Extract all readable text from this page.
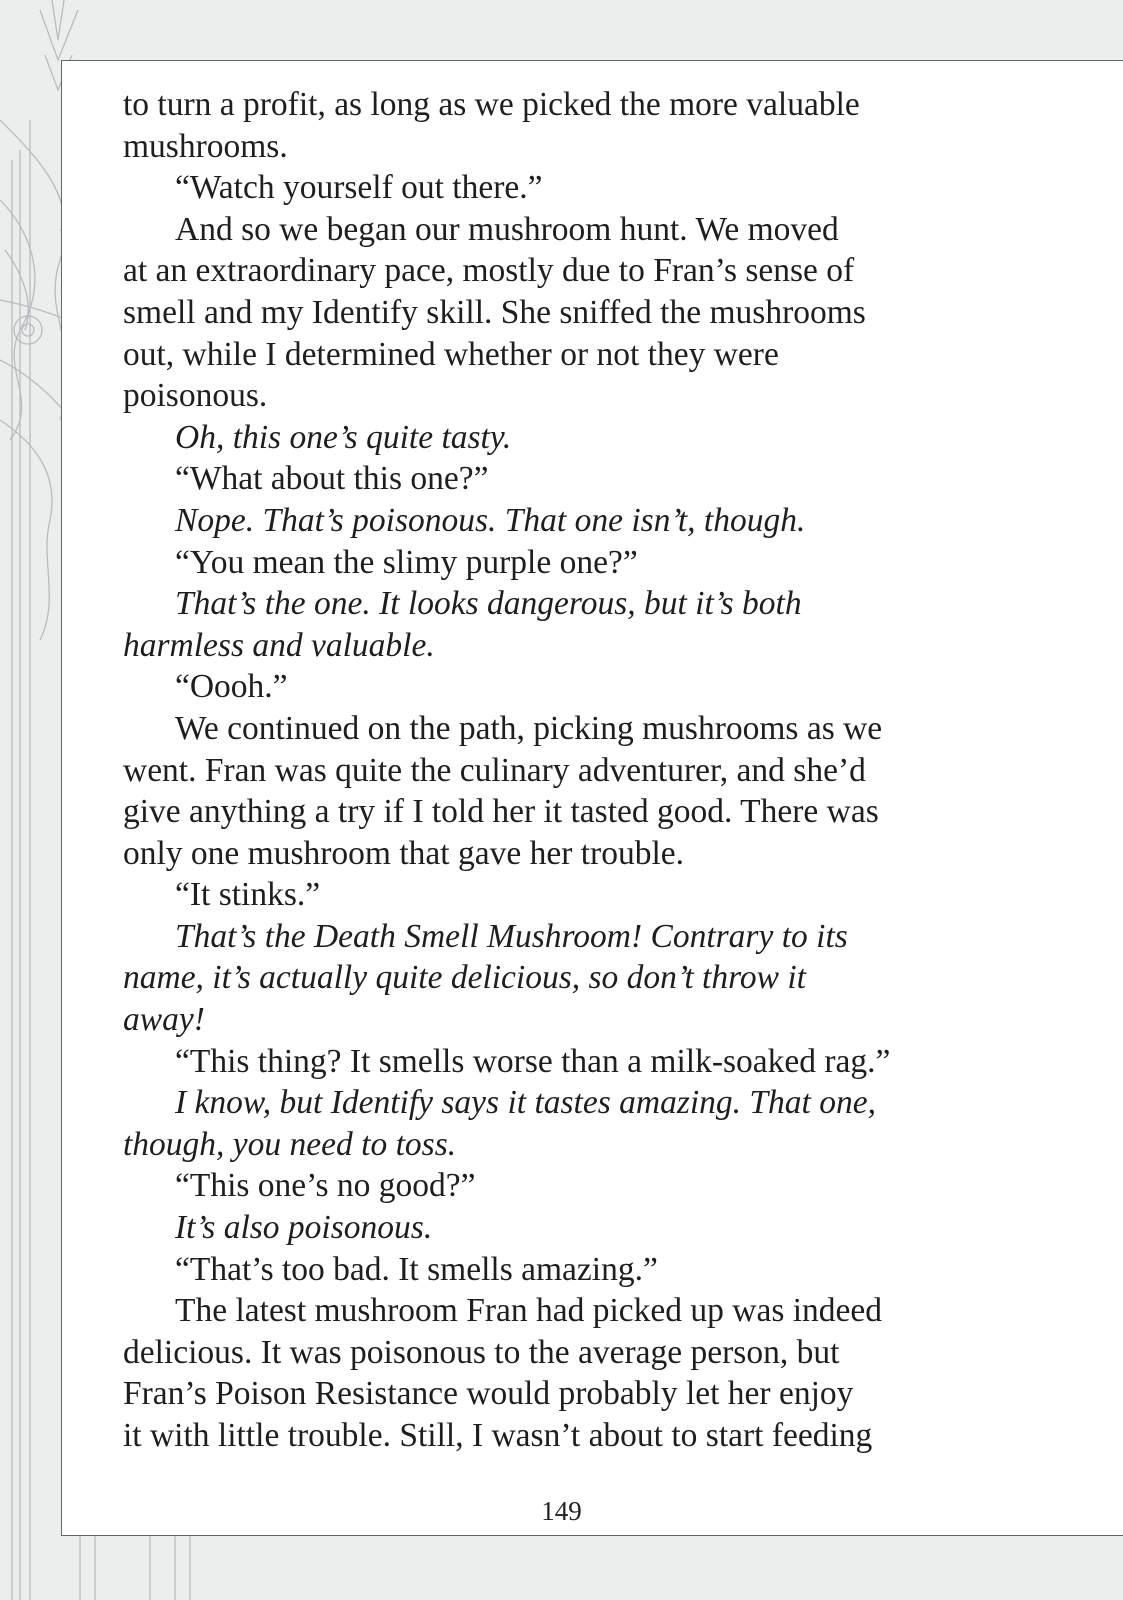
to turn a profit, as long as we picked the more valuable
mushrooms.
“Watch yourself out there.”
And so we began our mushroom hunt. We moved
at an extraordinary pace, mostly due to Fran’s sense of
smell and my Identify skill. She sniffed the mushrooms
out, while I determined whether or not they were
poisonous.
Oh, this one’s quite tasty.
“What about this one?”
Nope. That’s poisonous. That one isn’t, though.
“You mean the slimy purple one?”
That’s the one. It looks dangerous, but it’s both
harmless and valuable.
“Oooh.”
We continued on the path, picking mushrooms as we
went. Fran was quite the culinary adventurer, and she’d
give anything a try if I told her it tasted good. There was
only one mushroom that gave her trouble.
“It stinks.”
That’s the Death Smell Mushroom! Contrary to its
name, it’s actually quite delicious, so don’t throw it
away!
“This thing? It smells worse than a milk-soaked rag.”
I know, but Identify says it tastes amazing. That one,
though, you need to toss.
“This one’s no good?”
It’s also poisonous.
“That’s too bad. It smells amazing.”
The latest mushroom Fran had picked up was indeed
delicious. It was poisonous to the average person, but
Fran’s Poison Resistance would probably let her enjoy
it with little trouble. Still, I wasn’t about to start feeding
149
